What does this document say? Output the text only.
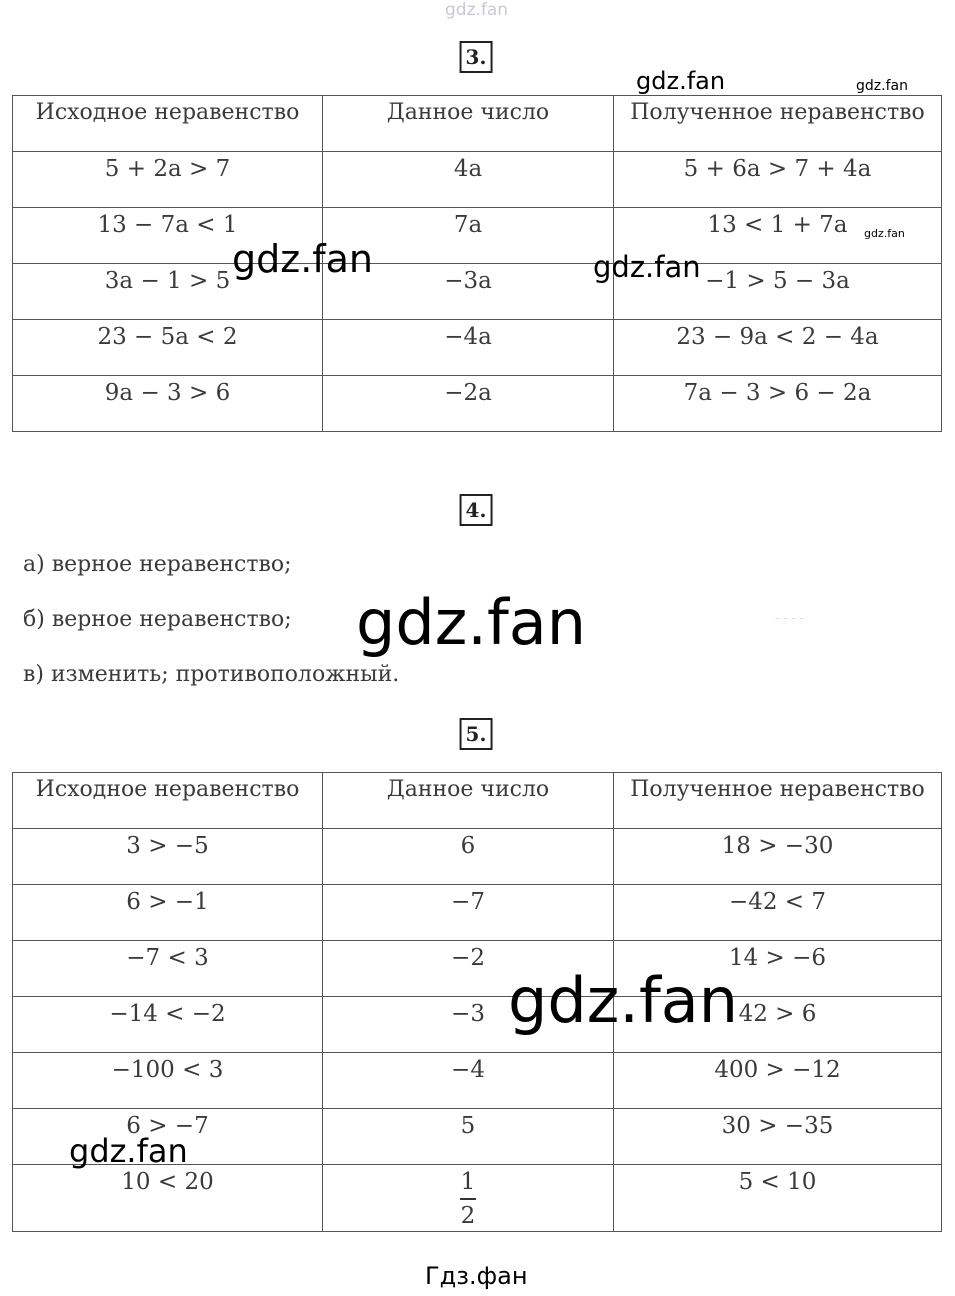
gdz.fan
gdz.fan	gdz.fan
gdz.fan
3.
Исходное неравенство	Данное число	Полученное неравенство
5 + 2a > 7	4a	5 + 6a > 7 + 4a
13 − 7a < 1	7a	13 < 1 + 7a
3a − 1 > 5	−3a	−1 > 5 − 3a
23 − 5a < 2	−4a	23 − 9a < 2 − 4a
9a − 3 > 6	−2a	7a − 3 > 6 − 2a
gdz.fan	gdz.fan
4.

а) верное неравенство;

б) верное неравенство;

в) изменить; противоположный.

gdz.fan	- - - -
5.
Исходное неравенство	Данное число	Полученное неравенство
3 > −5	6	18 > −30
6 > −1	−7	−42 < 7
−7 < 3	−2	14 > −6
−14 < −2	−3	42 > 6
−100 < 3	−4	400 > −12
6 > −7	5	30 > −35
10 < 20	$\frac{1}{2}$	5 < 10
gdz.fan
gdz.fan
Гдз.фан
